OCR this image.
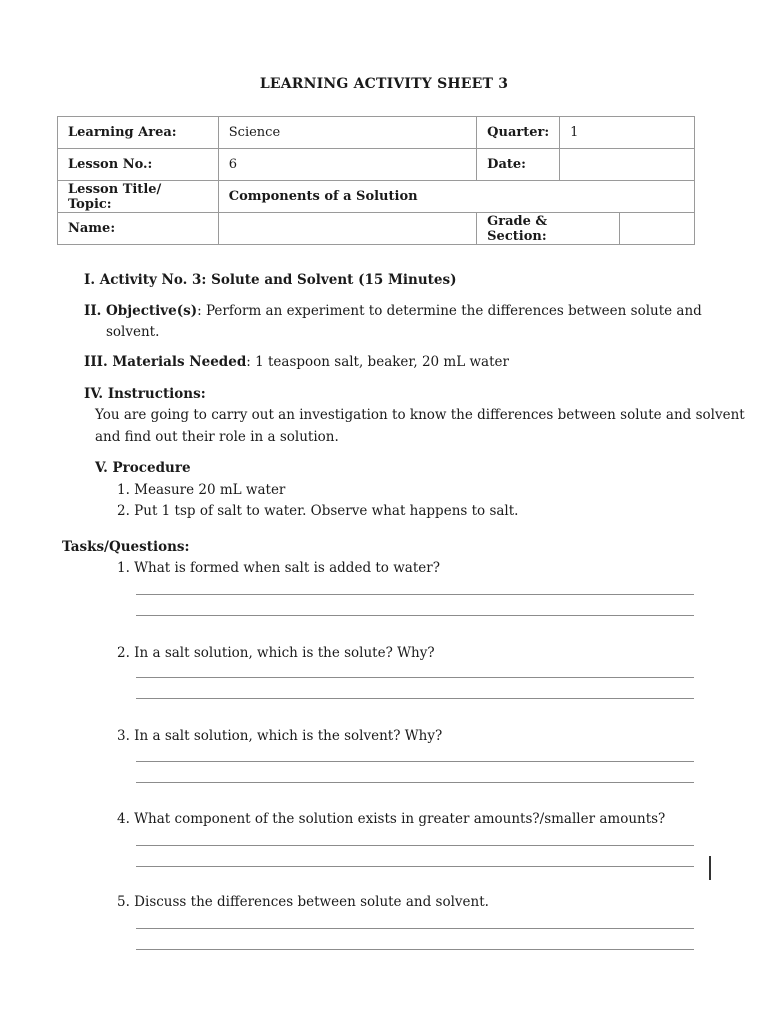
LEARNING ACTIVITY SHEET 3
Learning Area:	Science	Quarter:	1	
Lesson No.:	6	Date:		
Lesson Title/ Topic:	Components of a Solution			
Name:		Grade & Section:		
I. Activity No. 3: Solute and Solvent (15 Minutes)
II. Objective(s): Perform an experiment to determine the differences between solute and
solvent.
III. Materials Needed: 1 teaspoon salt, beaker, 20 mL water
IV. Instructions:
You are going to carry out an investigation to know the differences between solute and solvent
and find out their role in a solution.
V. Procedure
1. Measure 20 mL water
2. Put 1 tsp of salt to water. Observe what happens to salt.
Tasks/Questions:
1. What is formed when salt is added to water?
2. In a salt solution, which is the solute? Why?
3. In a salt solution, which is the solvent? Why?
4. What component of the solution exists in greater amounts?/smaller amounts?
5. Discuss the differences between solute and solvent.
